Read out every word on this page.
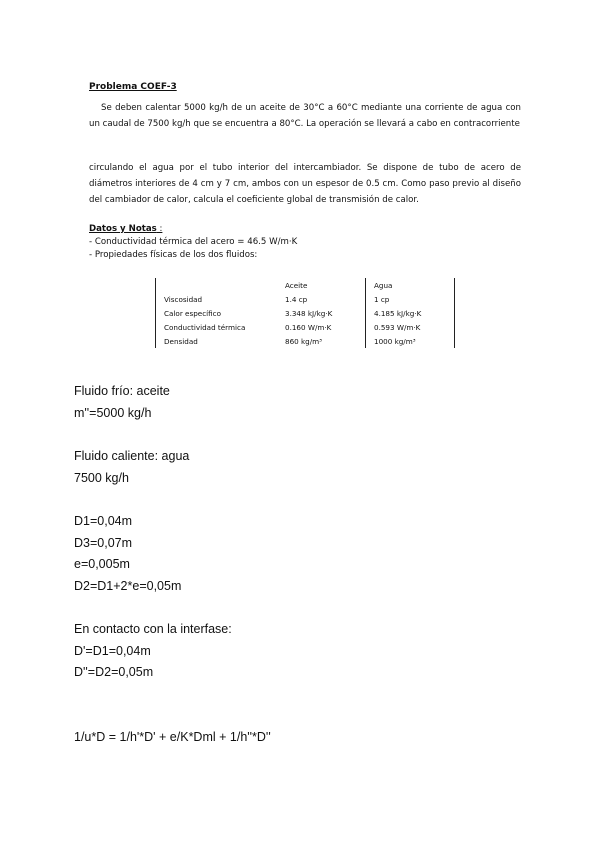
Problema COEF-3
Se deben calentar 5000 kg/h de un aceite de 30°C a 60°C mediante una corriente de agua con un caudal de 7500 kg/h que se encuentra a 80°C. La operación se llevará a cabo en contracorriente
circulando el agua por el tubo interior del intercambiador. Se dispone de tubo de acero de diámetros interiores de 4 cm y 7 cm, ambos con un espesor de 0.5 cm. Como paso previo al diseño del cambiador de calor, calcula el coeficiente global de transmisión de calor.
Datos y Notas :
- Conductividad térmica del acero = 46.5 W/m·K
- Propiedades físicas de los dos fluidos:
	Aceite	Agua
Viscosidad	1.4 cp	1 cp
Calor específico	3.348 kJ/kg·K	4.185 kJ/kg·K
Conductividad térmica	0.160 W/m·K	0.593 W/m·K
Densidad	860 kg/m³	1000 kg/m³
Fluido frío: aceite
m''=5000 kg/h
Fluido caliente: agua
7500 kg/h
D1=0,04m
D3=0,07m
e=0,005m
D2=D1+2*e=0,05m
En contacto con la interfase:
D'=D1=0,04m
D''=D2=0,05m
1/u*D = 1/h'*D' + e/K*Dml + 1/h''*D''
